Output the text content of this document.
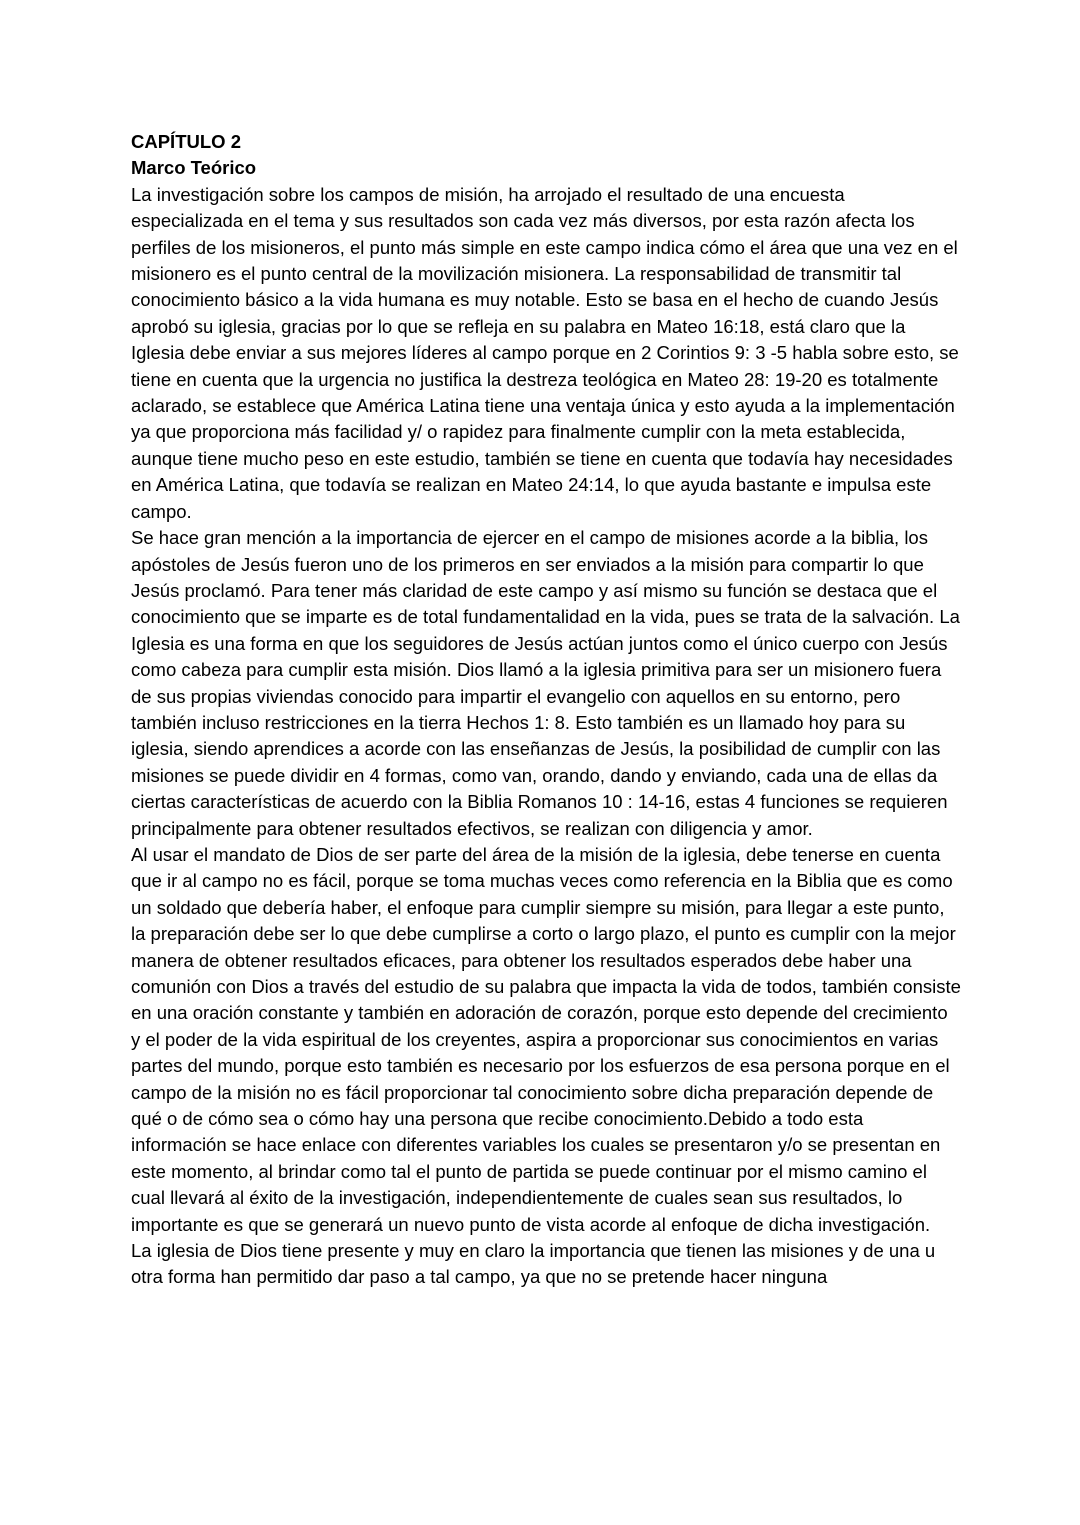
CAPÍTULO 2

Marco Teórico

La investigación sobre los campos de misión, ha arrojado el resultado de una encuesta especializada en el tema y sus resultados son cada vez más diversos, por esta razón afecta los perfiles de los misioneros, el punto más simple en este campo indica cómo el área que una vez en el misionero es el punto central de la movilización misionera. La responsabilidad de transmitir tal conocimiento básico a la vida humana es muy notable. Esto se basa en el hecho de cuando Jesús aprobó su iglesia, gracias por lo que se refleja en su palabra en Mateo 16:18, está claro que la Iglesia debe enviar a sus mejores líderes al campo porque en 2 Corintios 9: 3 -5 habla sobre esto, se tiene en cuenta que la urgencia no justifica la destreza teológica en Mateo 28: 19-20 es totalmente aclarado, se establece que América Latina tiene una ventaja única y esto ayuda a la implementación ya que proporciona más facilidad y/ o rapidez para finalmente cumplir con la meta establecida, aunque tiene mucho peso en este estudio, también se tiene en cuenta que todavía hay necesidades en América Latina, que todavía se realizan en Mateo 24:14, lo que ayuda bastante e impulsa este campo.

Se hace gran mención a la importancia de ejercer en el campo de misiones acorde a la biblia, los apóstoles de Jesús fueron uno de los primeros en ser enviados a la misión para compartir lo que Jesús proclamó. Para tener más claridad de este campo y así mismo su función se destaca que el conocimiento que se imparte es de total fundamentalidad en la vida, pues se trata de la salvación. La Iglesia es una forma en que los seguidores de Jesús actúan juntos como el único cuerpo con Jesús como cabeza para cumplir esta misión. Dios llamó a la iglesia primitiva para ser un misionero fuera de sus propias viviendas conocido para impartir el evangelio con aquellos en su entorno, pero también incluso restricciones en la tierra Hechos 1: 8. Esto también es un llamado hoy para su iglesia, siendo aprendices a acorde con las enseñanzas de Jesús, la posibilidad de cumplir con las misiones se puede dividir en 4 formas, como van, orando, dando y enviando, cada una de ellas da ciertas características de acuerdo con la Biblia Romanos 10 : 14-16, estas 4 funciones se requieren principalmente para obtener resultados efectivos, se realizan con diligencia y amor.

Al usar el mandato de Dios de ser parte del área de la misión de la iglesia, debe tenerse en cuenta que ir al campo no es fácil, porque se toma muchas veces como referencia en la Biblia que es como un soldado que debería haber, el enfoque para cumplir siempre su misión, para llegar a este punto, la preparación debe ser lo que debe cumplirse a corto o largo plazo, el punto es cumplir con la mejor manera de obtener resultados eficaces, para obtener los resultados esperados debe haber una comunión con Dios a través del estudio de su palabra que impacta la vida de todos, también consiste en una oración constante y también en adoración de corazón, porque esto depende del crecimiento y el poder de la vida espiritual de los creyentes, aspira a proporcionar sus conocimientos en varias partes del mundo, porque esto también es necesario por los esfuerzos de esa persona porque en el campo de la misión no es fácil proporcionar tal conocimiento sobre dicha preparación depende de qué o de cómo sea o cómo hay una persona que recibe conocimiento.Debido a todo esta información se hace enlace con diferentes variables los cuales se presentaron y/o se presentan en este momento, al brindar como tal el punto de partida se puede continuar por el mismo camino el cual llevará al éxito de la investigación, independientemente de cuales sean sus resultados, lo importante es que se generará un nuevo punto de vista acorde al enfoque de dicha investigación.

La iglesia de Dios tiene presente y muy en claro la importancia que tienen las misiones y de una u otra forma han permitido dar paso a tal campo, ya que no se pretende hacer ninguna
